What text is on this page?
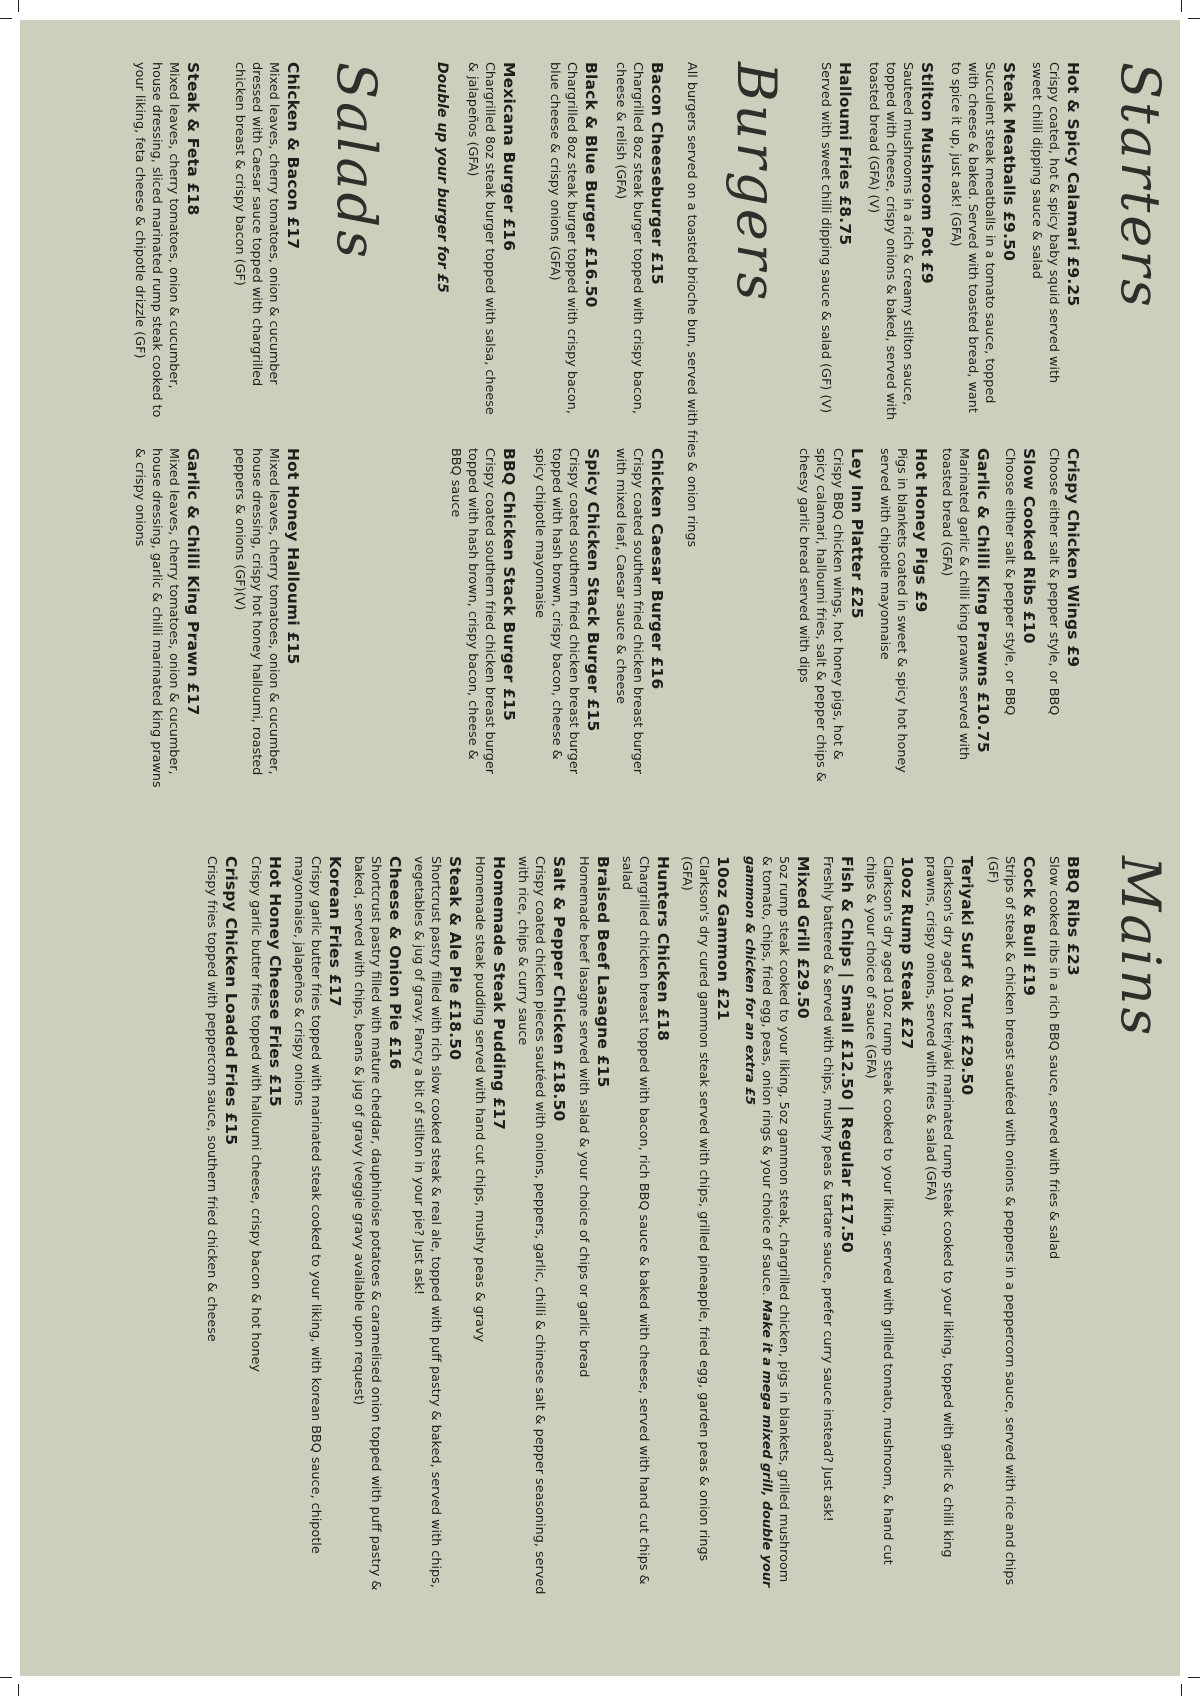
Starters
Hot & Spicy Calamari £9.25
Crispy coated, hot & spicy baby squid served with sweet chilli dipping sauce & salad
Steak Meatballs £9.50
Succulent steak meatballs in a tomato sauce, topped with cheese & baked. Served with toasted bread, want to spice it up, just ask! (GFA)
Stilton Mushroom Pot £9
Sauteed mushrooms in a rich & creamy stilton sauce, topped with cheese, crispy onions & baked, served with toasted bread (GFA) (V)
Halloumi Fries £8.75
Served with sweet chilli dipping sauce & salad (GF) (V)
Crispy Chicken Wings £9
Choose either salt & pepper style, or BBQ
Slow Cooked Ribs £10
Choose either salt & pepper style, or BBQ
Garlic & Chilli King Prawns £10.75
Marinated garlic & chilli king prawns served with toasted bread (GFA)
Hot Honey Pigs £9
Pigs in blankets coated in sweet & spicy hot honey served with chipotle mayonnaise
Ley Inn Platter £25
Crispy BBQ chicken wings, hot honey pigs, hot & spicy calamari, halloumi fries, salt & pepper chips & cheesy garlic bread served with dips
Burgers
All burgers served on a toasted brioche bun, served with fries & onion rings
Bacon Cheeseburger £15
Chargrilled 8oz steak burger topped with crispy bacon, cheese & relish (GFA)
Black & Blue Burger £16.50
Chargrilled 8oz steak burger topped with crispy bacon, blue cheese & crispy onions (GFA)
Mexicana Burger £16
Chargrilled 8oz steak burger topped with salsa, cheese & jalapeños (GFA)
Double up your burger for £5
Chicken Caesar Burger £16
Crispy coated southern fried chicken breast burger with mixed leaf, Caesar sauce & cheese
Spicy Chicken Stack Burger £15
Crispy coated southern fried chicken breast burger topped with hash brown, crispy bacon, cheese & spicy chipotle mayonnaise
BBQ Chicken Stack Burger £15
Crispy coated southern fried chicken breast burger topped with hash brown, crispy bacon, cheese & BBQ sauce
Salads
Chicken & Bacon £17
Mixed leaves, cherry tomatoes, onion & cucumber dressed with Caesar sauce topped with chargrilled chicken breast & crispy bacon (GF)
Steak & Feta £18
Mixed leaves, cherry tomatoes, onion & cucumber, house dressing, sliced marinated rump steak cooked to your liking, feta cheese & chipotle drizzle (GF)
Hot Honey Halloumi £15
Mixed leaves, cherry tomatoes, onion & cucumber, house dressing, crispy hot honey halloumi, roasted peppers & onions (GF)(V)
Garlic & Chilli King Prawn £17
Mixed leaves, cherry tomatoes, onion & cucumber, house dressing, garlic & chilli marinated king prawns & crispy onions
Mains
BBQ Ribs £23
Slow cooked ribs in a rich BBQ sauce, served with fries & salad
Cock & Bull £19
Strips of steak & chicken breast sautéed with onions & peppers in a peppercorn sauce, served with rice and chips (GF)
Teriyaki Surf & Turf £29.50
Clarkson's dry aged 10oz teriyaki marinated rump steak cooked to your liking, topped with garlic & chilli king prawns, crispy onions, served with fries & salad (GFA)
10oz Rump Steak £27
Clarkson's dry aged 10oz rump steak cooked to your liking, served with grilled tomato, mushroom, & hand cut chips & your choice of sauce (GFA)
Fish & Chips | Small £12.50 | Regular £17.50
Freshly battered & served with chips, mushy peas & tartare sauce, prefer curry sauce instead? Just ask!
Mixed Grill £29.50
5oz rump steak cooked to your liking, 5oz gammon steak, chargrilled chicken, pigs in blankets, grilled mushroom & tomato, chips, fried egg, peas, onion rings & your choice of sauce. Make it a mega mixed grill, double your gammon & chicken for an extra £5
10oz Gammon £21
Clarkson's dry cured gammon steak served with chips, grilled pineapple, fried egg, garden peas & onion rings (GFA)
Hunters Chicken £18
Chargrilled chicken breast topped with bacon, rich BBQ sauce & baked with cheese, served with hand cut chips & salad
Braised Beef Lasagne £15
Homemade beef lasagne served with salad & your choice of chips or garlic bread
Salt & Pepper Chicken £18.50
Crispy coated chicken pieces sautéed with onions, peppers, garlic, chilli & chinese salt & pepper seasoning, served with rice, chips & curry sauce
Homemade Steak Pudding £17
Homemade steak pudding served with hand cut chips, mushy peas & gravy
Steak & Ale Pie £18.50
Shortcrust pastry filled with rich slow cooked steak & real ale, topped with puff pastry & baked, served with chips, vegetables & jug of gravy. Fancy a bit of stilton in your pie? Just ask!
Cheese & Onion Pie £16
Shortcrust pastry filled with mature cheddar, dauphinoise potatoes & caramelised onion topped with puff pastry & baked, served with chips, beans & jug of gravy (veggie gravy available upon request)
Korean Fries £17
Crispy garlic butter fries topped with marinated steak cooked to your liking, with korean BBQ sauce, chipotle mayonnaise, jalapeños & crispy onions
Hot Honey Cheese Fries £15
Crispy garlic butter fries topped with halloumi cheese, crispy bacon & hot honey
Crispy Chicken Loaded Fries £15
Crispy fries topped with peppercorn sauce, southern fried chicken & cheese
